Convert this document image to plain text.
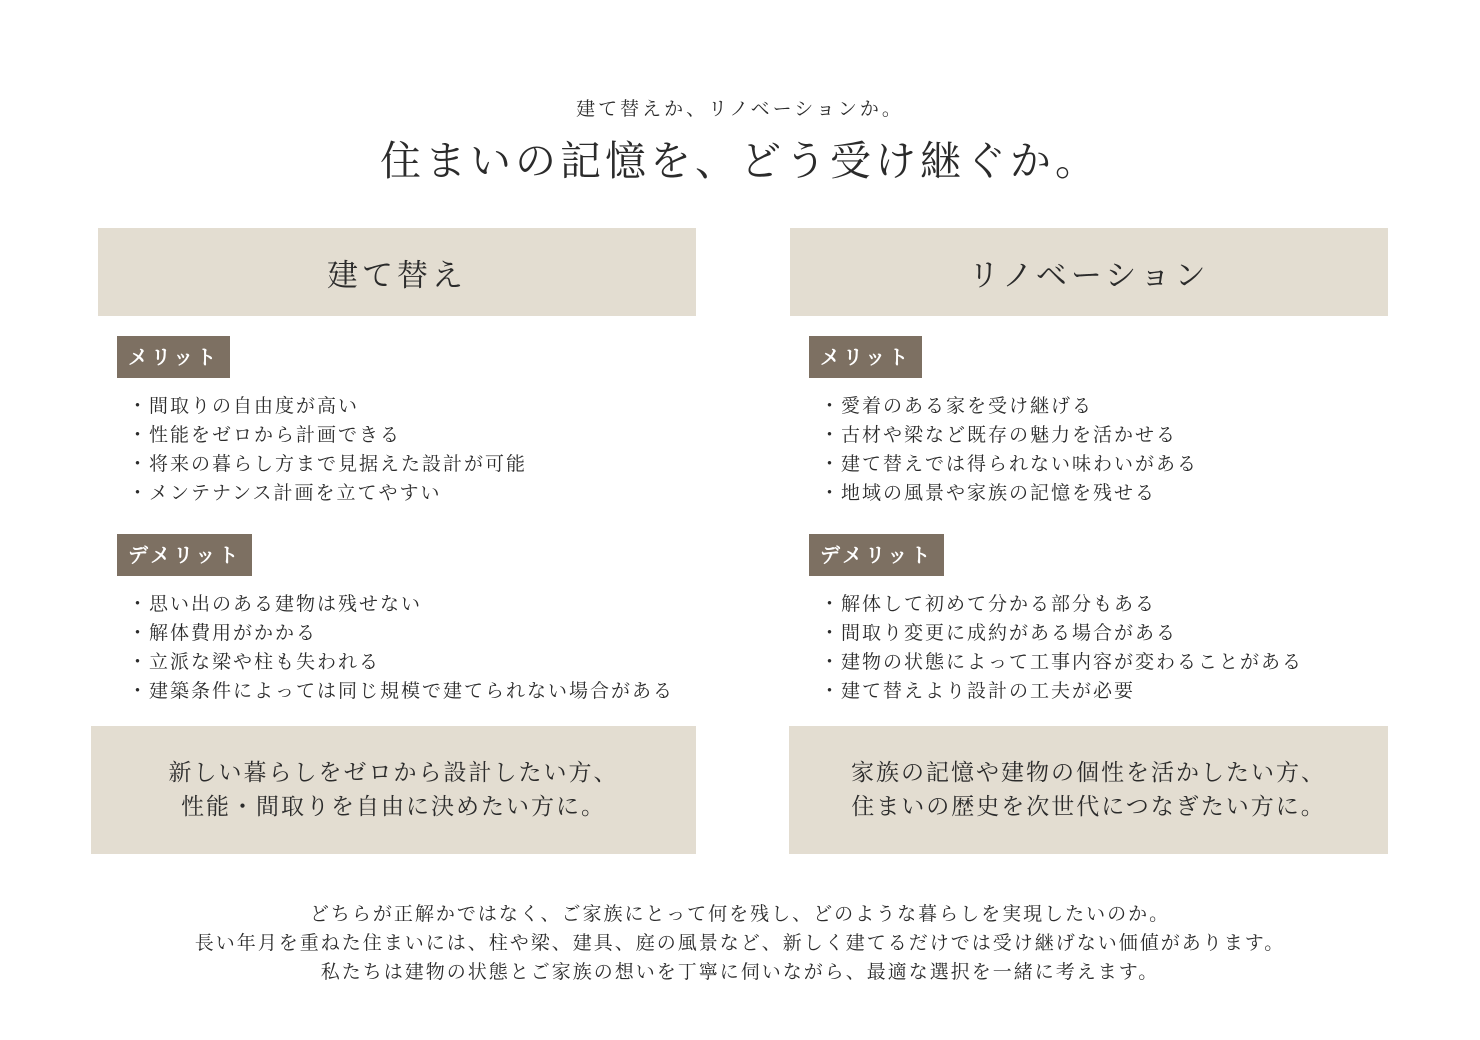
建て替えか、リノベーションか。
住まいの記憶を、どう受け継ぐか。
建て替え
メリット
・ 間取りの自由度が高い
・ 性能をゼロから計画できる
・ 将来の暮らし方まで見据えた設計が可能
・ メンテナンス計画を立てやすい
デメリット
・ 思い出のある建物は残せない
・ 解体費用がかかる
・ 立派な梁や柱も失われる
・ 建築条件によっては同じ規模で建てられない場合がある
リノベーション
メリット
・ 愛着のある家を受け継げる
・ 古材や梁など既存の魅力を活かせる
・ 建て替えでは得られない味わいがある
・ 地域の風景や家族の記憶を残せる
デメリット
・ 解体して初めて分かる部分もある
・ 間取り変更に成約がある場合がある
・ 建物の状態によって工事内容が変わることがある
・ 建て替えより設計の工夫が必要
新しい暮らしをゼロから設計したい方、
性能・間取りを自由に決めたい方に。
家族の記憶や建物の個性を活かしたい方、
住まいの歴史を次世代につなぎたい方に。
どちらが正解かではなく、ご家族にとって何を残し、どのような暮らしを実現したいのか。
長い年月を重ねた住まいには、柱や梁、建具、庭の風景など、新しく建てるだけでは受け継げない価値があります。
私たちは建物の状態とご家族の想いを丁寧に伺いながら、最適な選択を一緒に考えます。
